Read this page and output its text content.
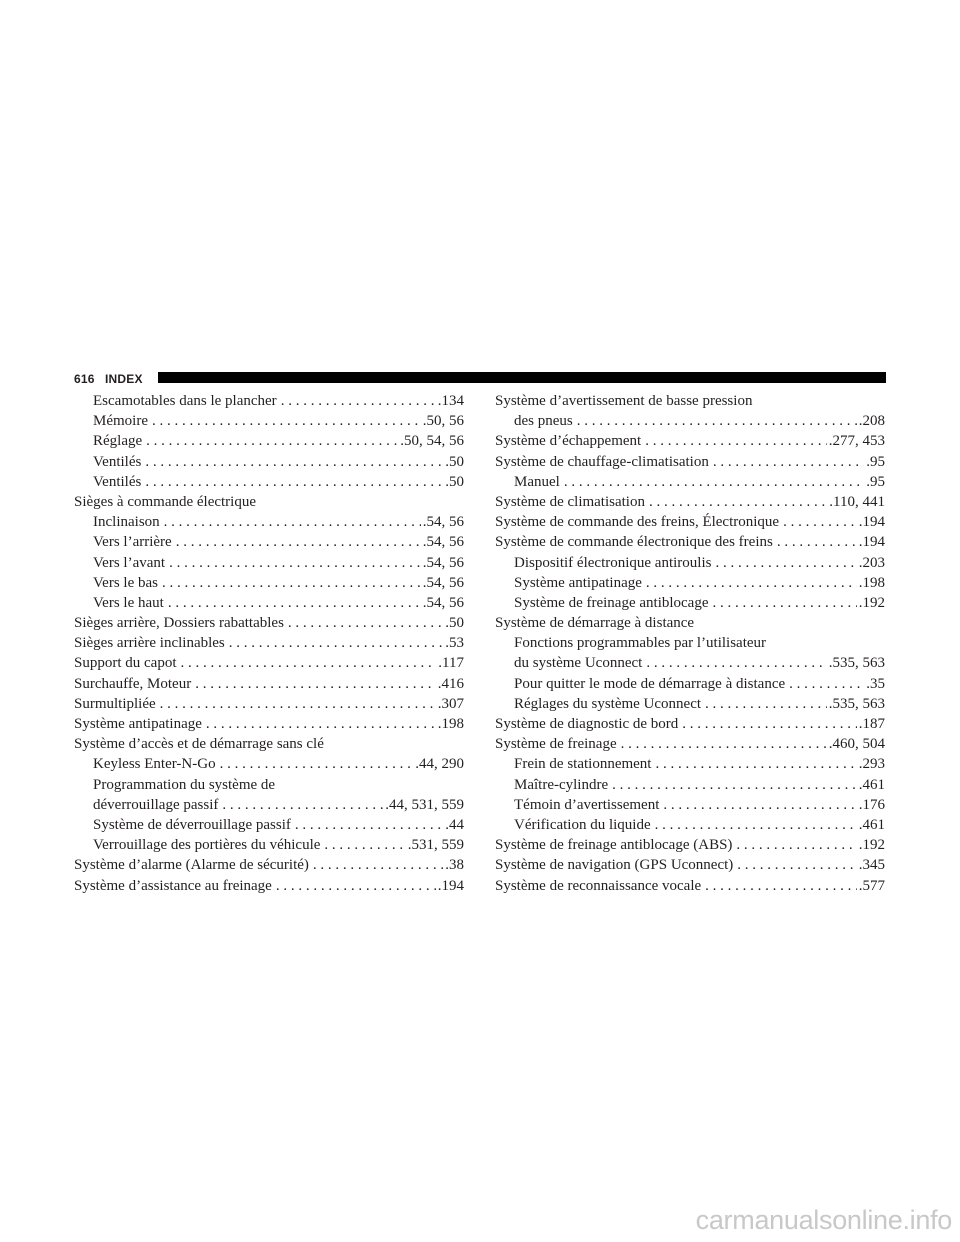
616 INDEX
Escamotables dans le plancher . . .	.134
Mémoire . . .	.50, 56
Réglage . . .	.50, 54, 56
Ventilés . . .	.50
Ventilés . . .	.50
Sièges à commande électrique
Inclinaison . . .	.54, 56
Vers l’arrière . . .	.54, 56
Vers l’avant . . .	.54, 56
Vers le bas . . .	.54, 56
Vers le haut . . .	.54, 56
Sièges arrière, Dossiers rabattables . . .	.50
Sièges arrière inclinables . . .	.53
Support du capot . . .	.117
Surchauffe, Moteur . . .	.416
Surmultipliée . . .	.307
Système antipatinage . . .	.198
Système d’accès et de démarrage sans clé
Keyless Enter-N-Go . . .	.44, 290
Programmation du système de
déverrouillage passif . . .	.44, 531, 559
Système de déverrouillage passif . . .	.44
Verrouillage des portières du véhicule . . .	.531, 559
Système d’alarme (Alarme de sécurité) . . .	.38
Système d’assistance au freinage . . .	.194
Système d’avertissement de basse pression
des pneus . . .	.208
Système d’échappement . . .	.277, 453
Système de chauffage-climatisation . . .	.95
Manuel . . .	.95
Système de climatisation . . .	.110, 441
Système de commande des freins, Électronique . . .	.194
Système de commande électronique des freins . . .	.194
Dispositif électronique antiroulis . . .	.203
Système antipatinage . . .	.198
Système de freinage antiblocage . . .	.192
Système de démarrage à distance
Fonctions programmables par l’utilisateur
du système Uconnect . . .	.535, 563
Pour quitter le mode de démarrage à distance . . .	.35
Réglages du système Uconnect . . .	.535, 563
Système de diagnostic de bord . . .	.187
Système de freinage . . .	.460, 504
Frein de stationnement . . .	.293
Maître-cylindre . . .	.461
Témoin d’avertissement . . .	.176
Vérification du liquide . . .	.461
Système de freinage antiblocage (ABS) . . .	.192
Système de navigation (GPS Uconnect) . . .	.345
Système de reconnaissance vocale . . .	.577
carmanualsonline.info
